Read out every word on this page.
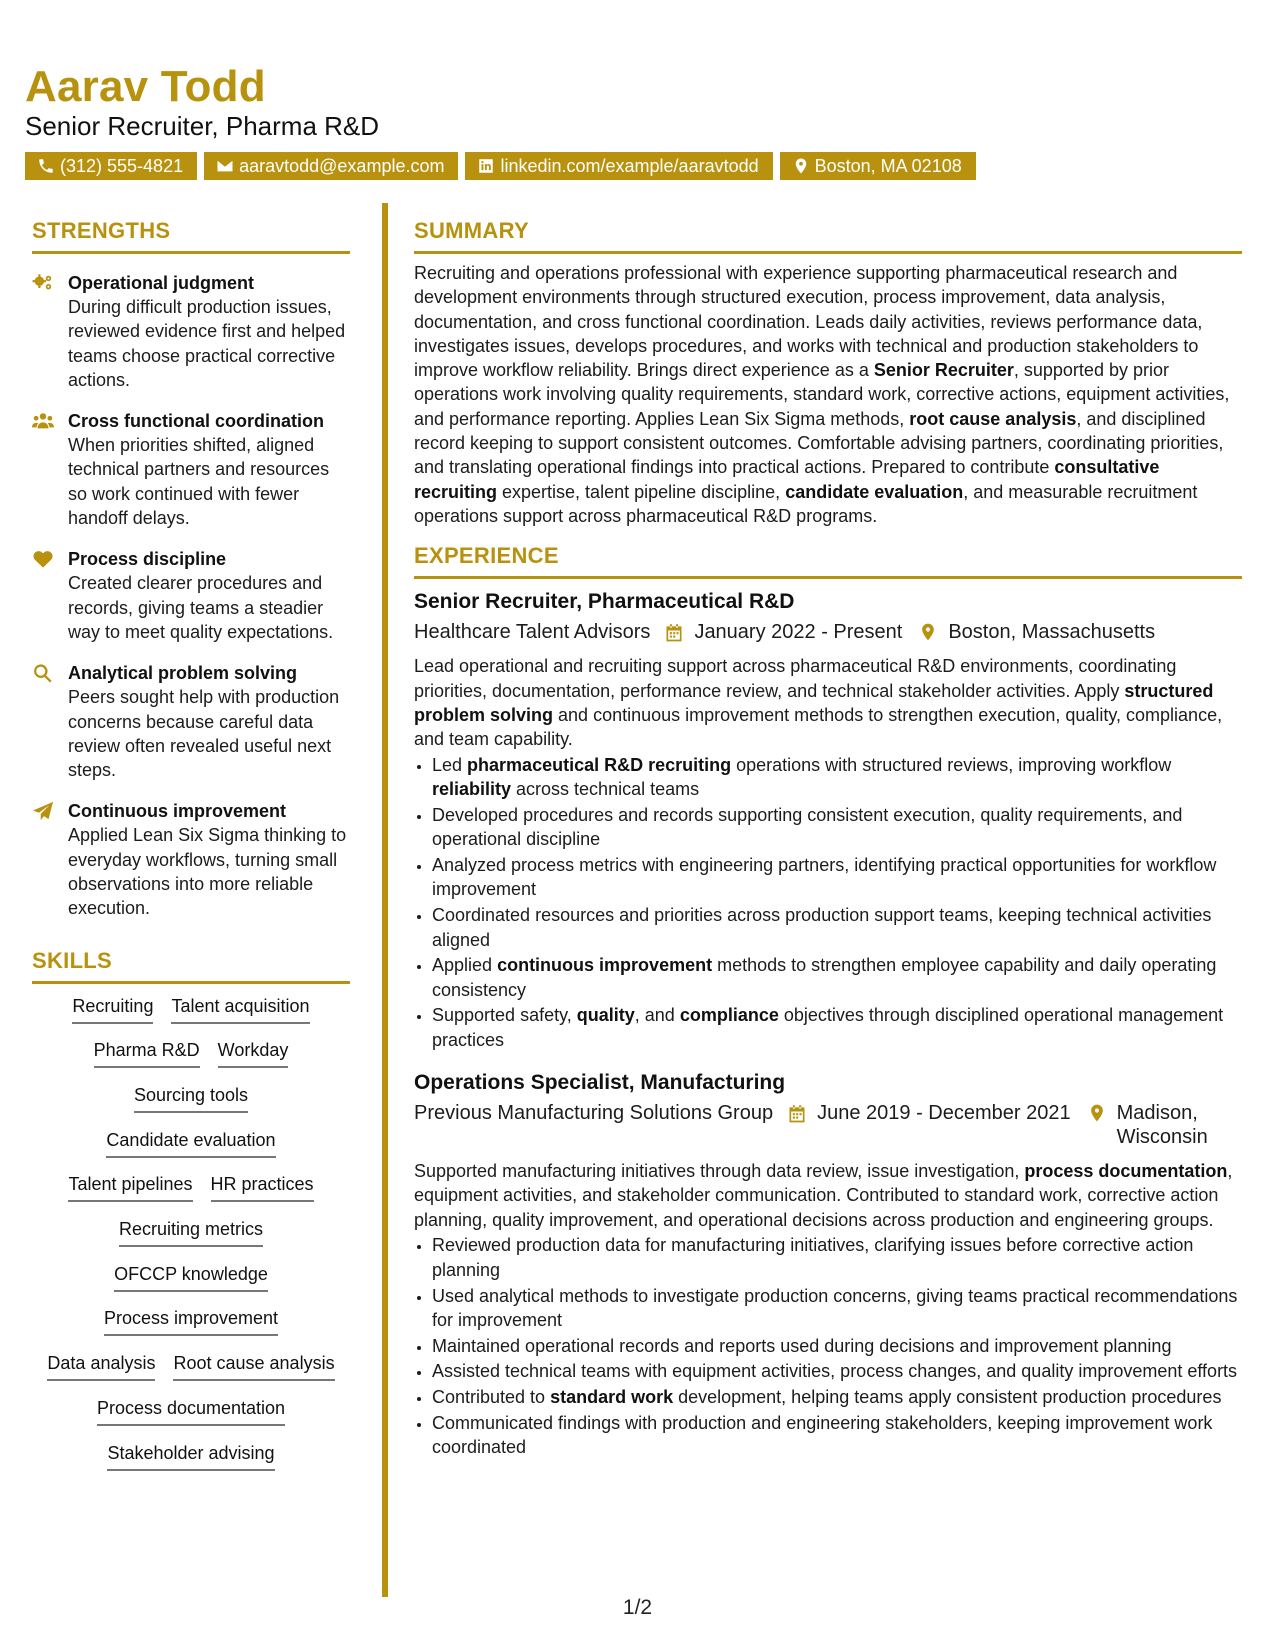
Aarav Todd
Senior Recruiter, Pharma R&D
(312) 555-4821	aaravtodd@example.com	linkedin.com/example/aaravtodd	Boston, MA 02108
STRENGTHS
Operational judgment
During difficult production issues, reviewed evidence first and helped teams choose practical corrective actions.
Cross functional coordination
When priorities shifted, aligned technical partners and resources so work continued with fewer handoff delays.
Process discipline
Created clearer procedures and records, giving teams a steadier way to meet quality expectations.
Analytical problem solving
Peers sought help with production concerns because careful data review often revealed useful next steps.
Continuous improvement
Applied Lean Six Sigma thinking to everyday workflows, turning small observations into more reliable execution.
SKILLS
Recruiting Talent acquisition
Pharma R&D Workday
Sourcing tools
Candidate evaluation
Talent pipelines HR practices
Recruiting metrics
OFCCP knowledge
Process improvement
Data analysis Root cause analysis
Process documentation
Stakeholder advising
SUMMARY
Recruiting and operations professional with experience supporting pharmaceutical research and development environments through structured execution, process improvement, data analysis, documentation, and cross functional coordination. Leads daily activities, reviews performance data, investigates issues, develops procedures, and works with technical and production stakeholders to improve workflow reliability. Brings direct experience as a Senior Recruiter, supported by prior operations work involving quality requirements, standard work, corrective actions, equipment activities, and performance reporting. Applies Lean Six Sigma methods, root cause analysis, and disciplined record keeping to support consistent outcomes. Comfortable advising partners, coordinating priorities, and translating operational findings into practical actions. Prepared to contribute consultative recruiting expertise, talent pipeline discipline, candidate evaluation, and measurable recruitment operations support across pharmaceutical R&D programs.
EXPERIENCE
Senior Recruiter, Pharmaceutical R&D
Healthcare Talent Advisors January 2022 - Present Boston, Massachusetts
Lead operational and recruiting support across pharmaceutical R&D environments, coordinating priorities, documentation, performance review, and technical stakeholder activities. Apply structured problem solving and continuous improvement methods to strengthen execution, quality, compliance, and team capability.
• Led pharmaceutical R&D recruiting operations with structured reviews, improving workflow reliability across technical teams
• Developed procedures and records supporting consistent execution, quality requirements, and operational discipline
• Analyzed process metrics with engineering partners, identifying practical opportunities for workflow improvement
• Coordinated resources and priorities across production support teams, keeping technical activities aligned
• Applied continuous improvement methods to strengthen employee capability and daily operating consistency
• Supported safety, quality, and compliance objectives through disciplined operational management practices
Operations Specialist, Manufacturing
Previous Manufacturing Solutions Group June 2019 - December 2021 Madison, Wisconsin
Supported manufacturing initiatives through data review, issue investigation, process documentation, equipment activities, and stakeholder communication. Contributed to standard work, corrective action planning, quality improvement, and operational decisions across production and engineering groups.
• Reviewed production data for manufacturing initiatives, clarifying issues before corrective action planning
• Used analytical methods to investigate production concerns, giving teams practical recommendations for improvement
• Maintained operational records and reports used during decisions and improvement planning
• Assisted technical teams with equipment activities, process changes, and quality improvement efforts
• Contributed to standard work development, helping teams apply consistent production procedures
• Communicated findings with production and engineering stakeholders, keeping improvement work coordinated
1/2
